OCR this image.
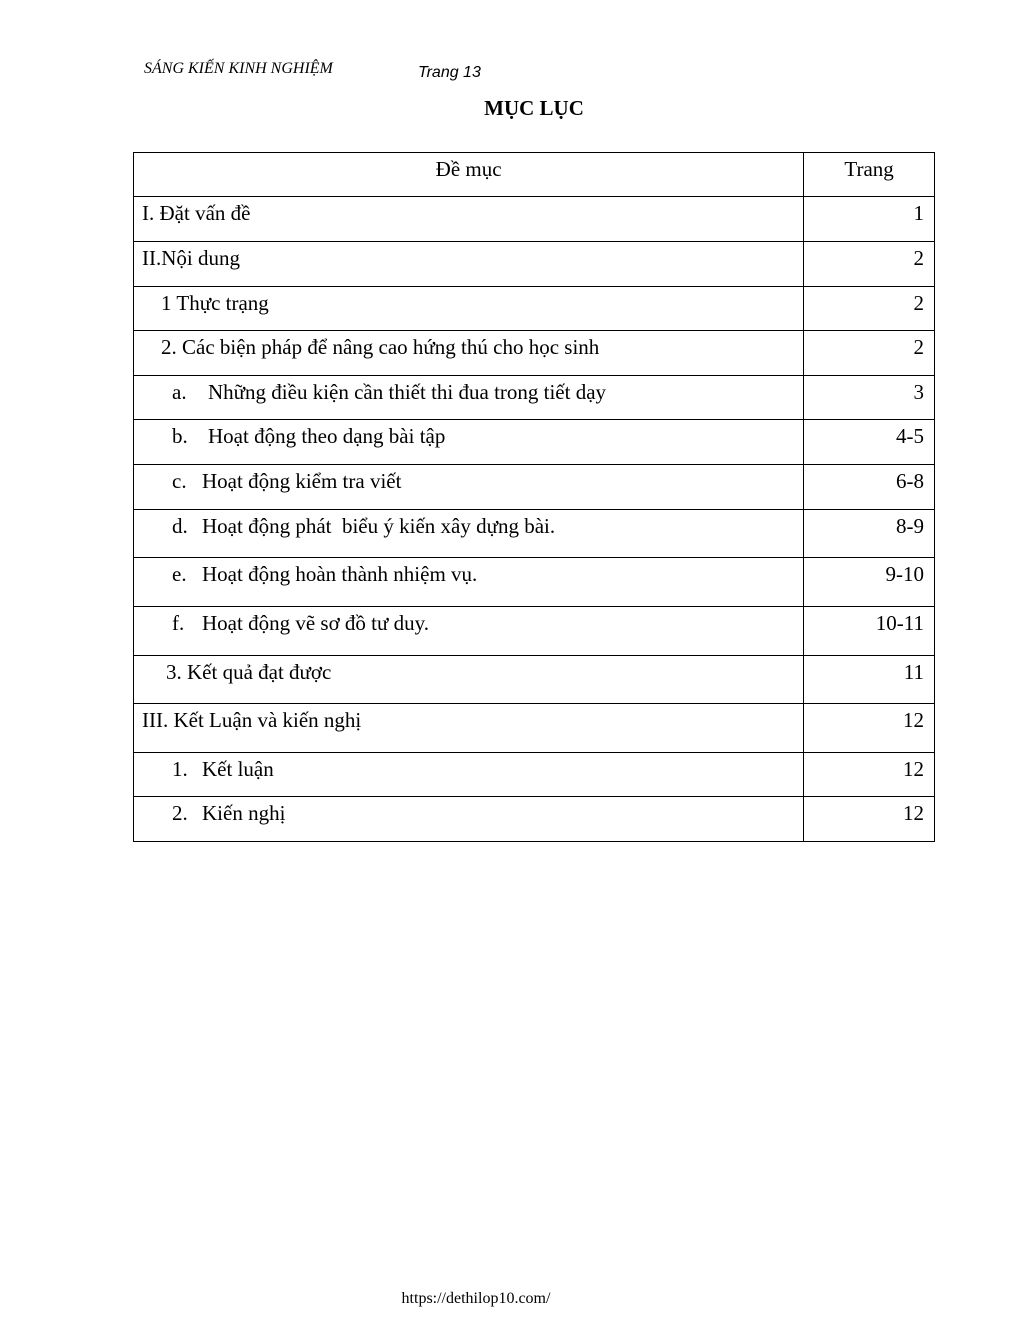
SÁNG KIẾN KINH NGHIỆM	Trang 13
MỤC LỤC
Đề mục	Trang

I. Đặt vấn đề	1

II.Nội dung	2

1 Thực trạng	2

2. Các biện pháp để nâng cao hứng thú cho học sinh	2

a. Những điều kiện cần thiết thi đua trong tiết dạy	3

b. Hoạt động theo dạng bài tập	4-5

c. Hoạt động kiểm tra viết	6-8

d. Hoạt động phát  biểu ý kiến xây dựng bài.	8-9

e. Hoạt động hoàn thành nhiệm vụ.	9-10

f. Hoạt động vẽ sơ đồ tư duy.	10-11

3. Kết quả đạt được	11

III. Kết Luận và kiến nghị	12

1. Kết luận	12

2. Kiến nghị	12
https://dethilop10.com/
